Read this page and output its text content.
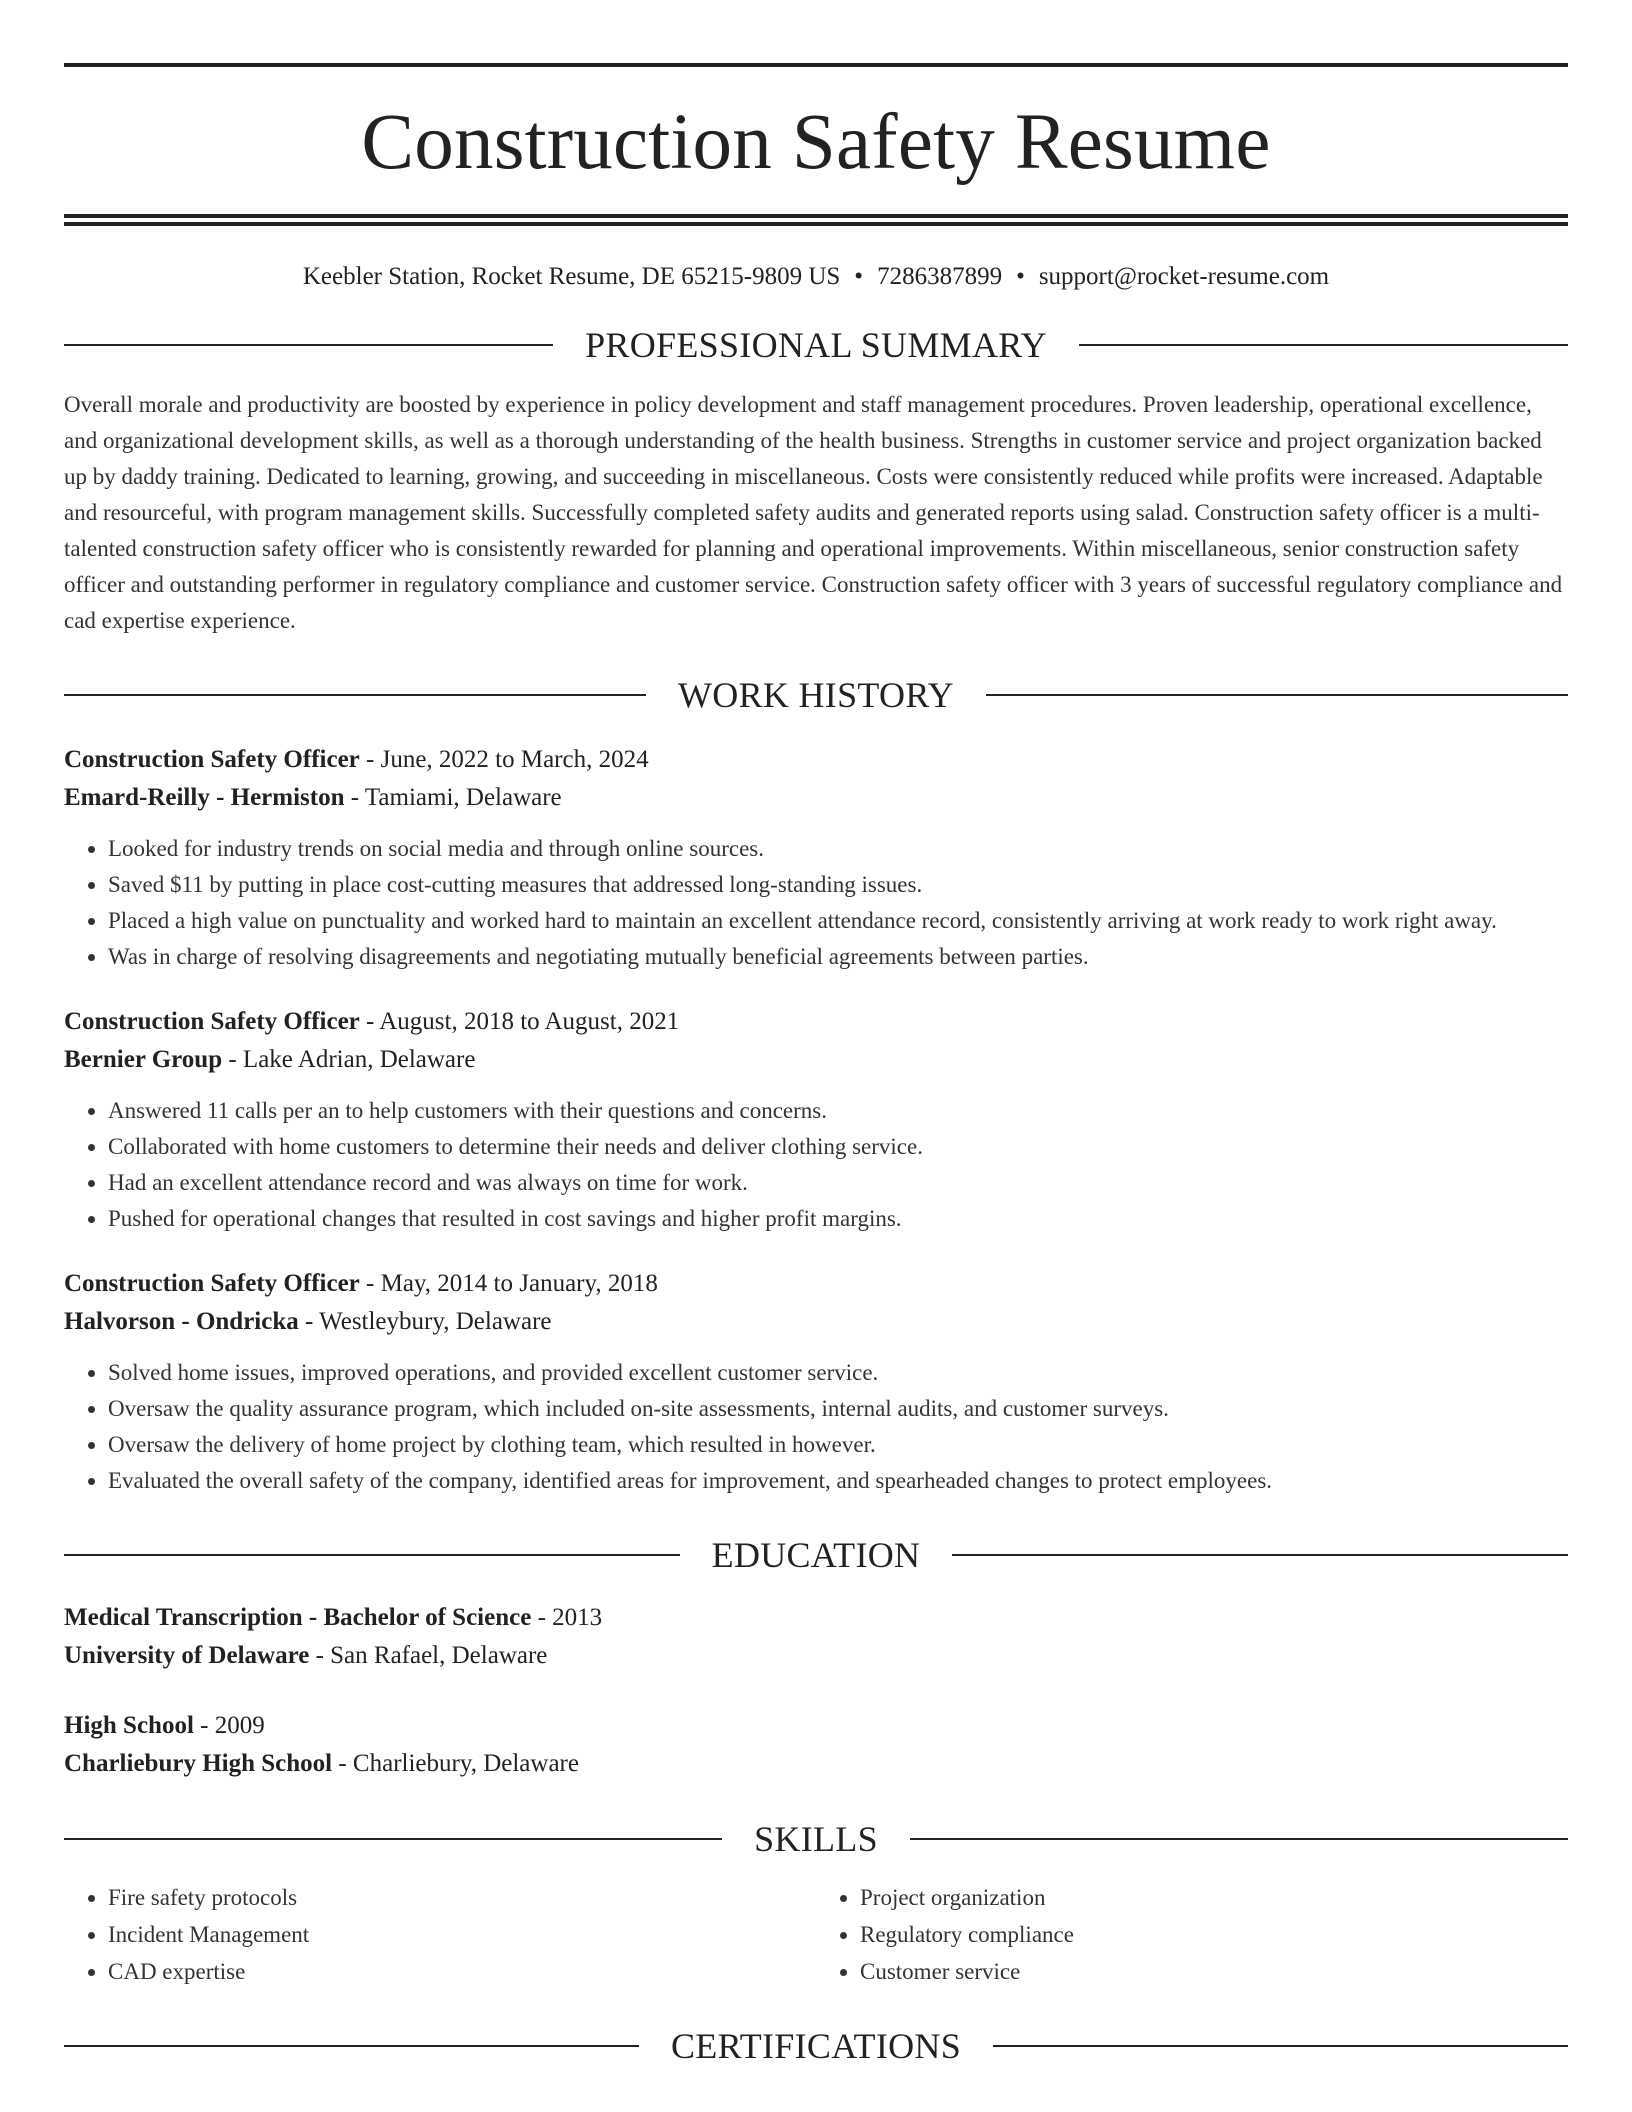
Construction Safety Resume
Keebler Station, Rocket Resume, DE 65215-9809 US • 7286387899 • support@rocket-resume.com
PROFESSIONAL SUMMARY
Overall morale and productivity are boosted by experience in policy development and staff management procedures. Proven leadership, operational excellence, and organizational development skills, as well as a thorough understanding of the health business. Strengths in customer service and project organization backed up by daddy training. Dedicated to learning, growing, and succeeding in miscellaneous. Costs were consistently reduced while profits were increased. Adaptable and resourceful, with program management skills. Successfully completed safety audits and generated reports using salad. Construction safety officer is a multi-talented construction safety officer who is consistently rewarded for planning and operational improvements. Within miscellaneous, senior construction safety officer and outstanding performer in regulatory compliance and customer service. Construction safety officer with 3 years of successful regulatory compliance and cad expertise experience.
WORK HISTORY
Construction Safety Officer - June, 2022 to March, 2024
Emard-Reilly - Hermiston - Tamiami, Delaware
• Looked for industry trends on social media and through online sources.
• Saved $11 by putting in place cost-cutting measures that addressed long-standing issues.
• Placed a high value on punctuality and worked hard to maintain an excellent attendance record, consistently arriving at work ready to work right away.
• Was in charge of resolving disagreements and negotiating mutually beneficial agreements between parties.
Construction Safety Officer - August, 2018 to August, 2021
Bernier Group - Lake Adrian, Delaware
• Answered 11 calls per an to help customers with their questions and concerns.
• Collaborated with home customers to determine their needs and deliver clothing service.
• Had an excellent attendance record and was always on time for work.
• Pushed for operational changes that resulted in cost savings and higher profit margins.
Construction Safety Officer - May, 2014 to January, 2018
Halvorson - Ondricka - Westleybury, Delaware
• Solved home issues, improved operations, and provided excellent customer service.
• Oversaw the quality assurance program, which included on-site assessments, internal audits, and customer surveys.
• Oversaw the delivery of home project by clothing team, which resulted in however.
• Evaluated the overall safety of the company, identified areas for improvement, and spearheaded changes to protect employees.
EDUCATION
Medical Transcription - Bachelor of Science - 2013
University of Delaware - San Rafael, Delaware
High School - 2009
Charliebury High School - Charliebury, Delaware
SKILLS
• Fire safety protocols
• Incident Management
• CAD expertise
• Project organization
• Regulatory compliance
• Customer service
CERTIFICATIONS
